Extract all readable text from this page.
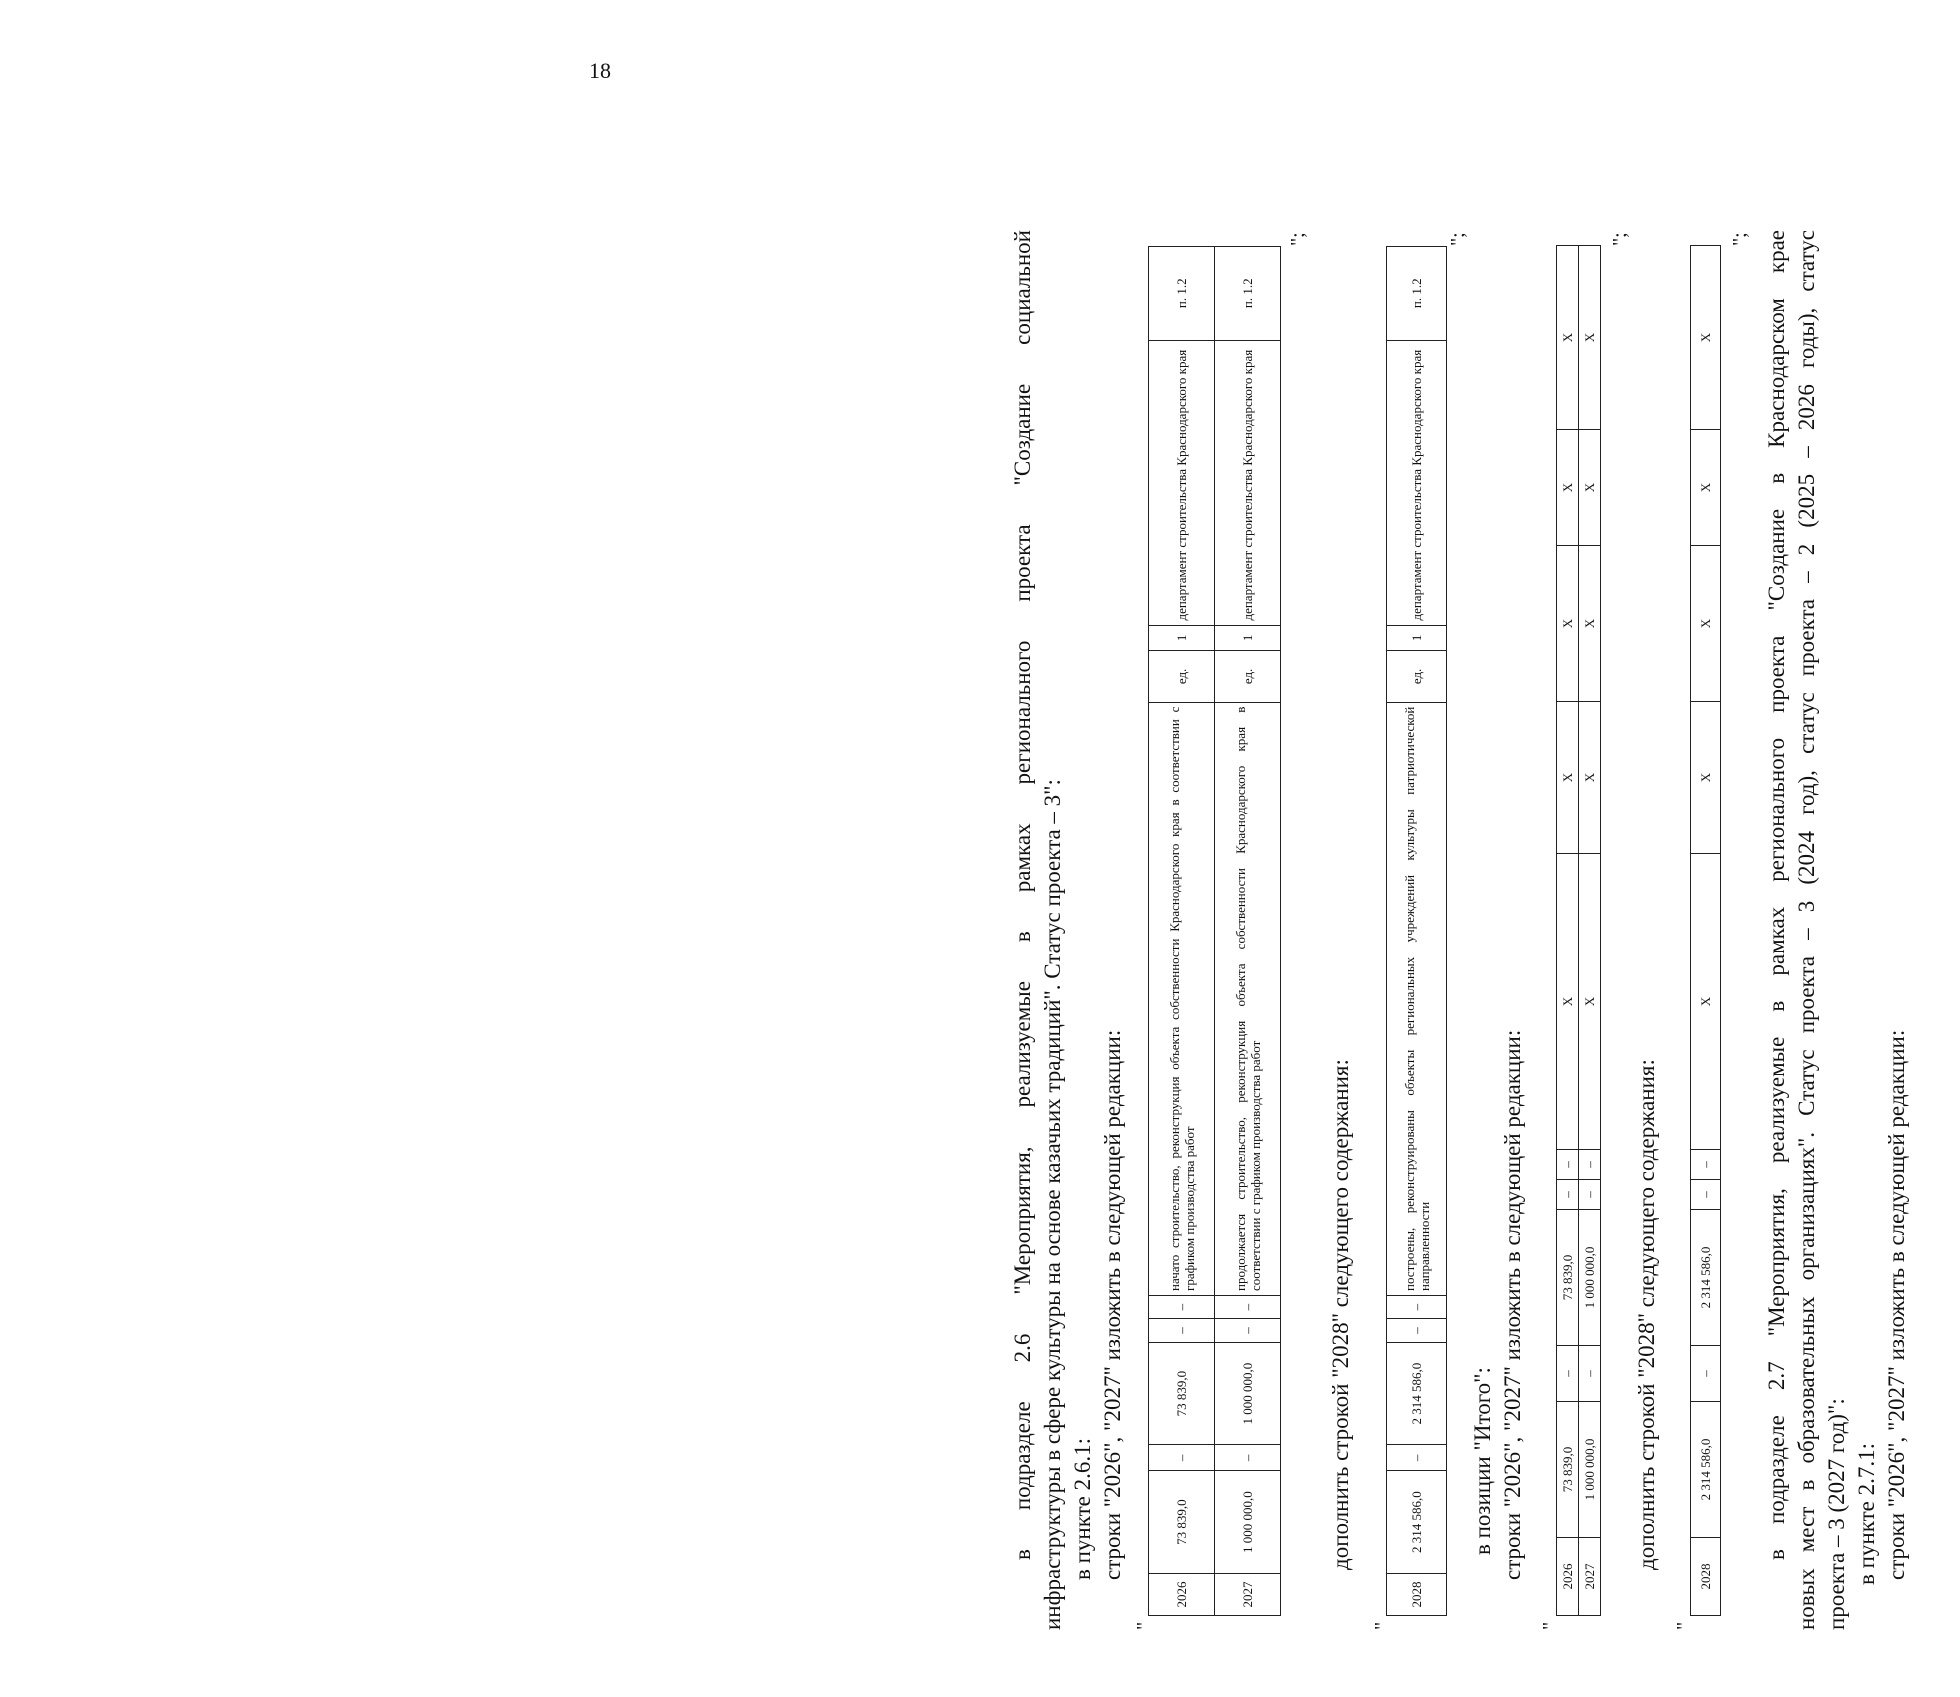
18
в подразделе 2.6 "Мероприятия, реализуемые в рамках регионального проекта "Создание социальной инфраструктуры в сфере культуры на основе казачьих традиций". Статус проекта – 3": в пункте 2.6.1: строки "2026", "2027" изложить в следующей редакции:
"
2026	73 839,0	–	73 839,0	–	–	начато строительство, реконструкция объекта собственности Краснодарского края в соответствии с графиком производства работ	ед.	1	департамент строительства Краснодарского края	п. 1.2
2027	1 000 000,0	–	1 000 000,0	–	–	продолжается строительство, реконструкция объекта собственности Краснодарского края в соответствии с графиком производства работ	ед.	1	департамент строительства Краснодарского края	п. 1.2
";
дополнить строкой "2028" следующего содержания:
"
2028	2 314 586,0	–	2 314 586,0	–	–	построены, реконструированы объекты региональных учреждений культуры патриотической направленности	ед.	1	департамент строительства Краснодарского края	п. 1.2
";
в позиции "Итого": строки "2026", "2027" изложить в следующей редакции:
"
2026	73 839,0	–	73 839,0	–	–	X	X	X	X	X
2027	1 000 000,0	–	1 000 000,0	–	–	X	X	X	X	X
";
дополнить строкой "2028" следующего содержания:
"
2028	2 314 586,0	–	2 314 586,0	–	–	X	X	X	X	X
"; в подразделе 2.7 "Мероприятия, реализуемые в рамках регионального проекта "Создание в Краснодарском крае новых мест в образовательных организациях". Статус проекта – 3 (2024 год), статус проекта – 2 (2025 – 2026 годы), статус проекта – 3 (2027 год)": в пункте 2.7.1: строки "2026", "2027" изложить в следующей редакции:
